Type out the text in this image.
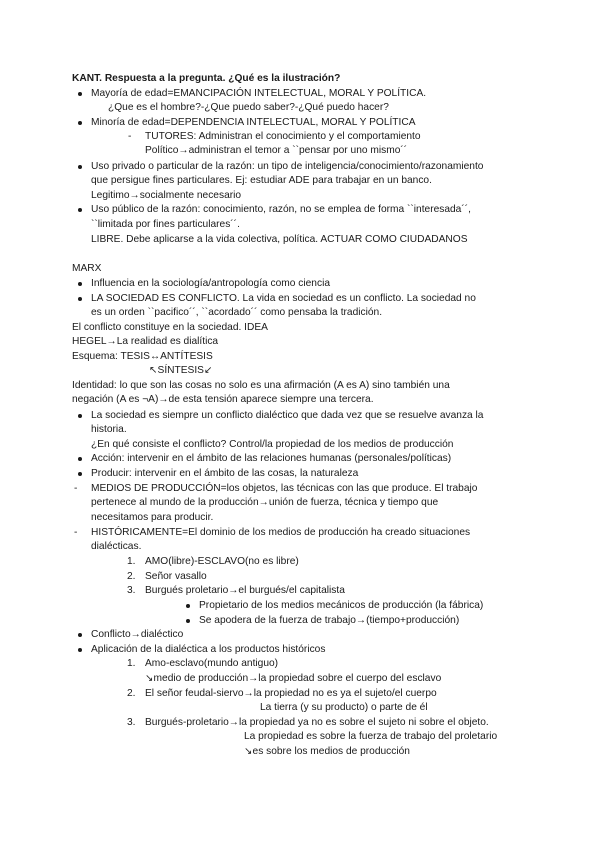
KANT. Respuesta a la pregunta. ¿Qué es la ilustración?
Mayoría de edad=EMANCIPACIÓN INTELECTUAL, MORAL Y POLÍTICA.
¿Que es el hombre?-¿Que puedo saber?-¿Qué puedo hacer?
Minoría de edad=DEPENDENCIA INTELECTUAL, MORAL Y POLÍTICA
- TUTORES: Administran el conocimiento y el comportamiento
Político→administran el temor a ``pensar por uno mismo´´
Uso privado o particular de la razón: un tipo de inteligencia/conocimiento/razonamiento
que persigue fines particulares. Ej: estudiar ADE para trabajar en un banco.
Legitimo→socialmente necesario
Uso público de la razón: conocimiento, razón, no se emplea de forma ``interesada´´,
``limitada por fines particulares´´.
LIBRE. Debe aplicarse a la vida colectiva, política. ACTUAR COMO CIUDADANOS
MARX
Influencia en la sociología/antropología como ciencia
LA SOCIEDAD ES CONFLICTO. La vida en sociedad es un conflicto. La sociedad no
es un orden ``pacifico´´, ``acordado´´ como pensaba la tradición.
El conflicto constituye en la sociedad. IDEA
HEGEL→La realidad es dialítica
Esquema: TESIS↔ANTÍTESIS
↖SÍNTESIS↙
Identidad: lo que son las cosas no solo es una afirmación (A es A) sino también una
negación (A es ¬A)→de esta tensión aparece siempre una tercera.
La sociedad es siempre un conflicto dialéctico que dada vez que se resuelve avanza la
historia.
¿En qué consiste el conflicto? Control/la propiedad de los medios de producción
Acción: intervenir en el ámbito de las relaciones humanas (personales/políticas)
Producir: intervenir en el ámbito de las cosas, la naturaleza
- MEDIOS DE PRODUCCIÓN=los objetos, las técnicas con las que produce. El trabajo
pertenece al mundo de la producción→unión de fuerza, técnica y tiempo que
necesitamos para producir.
- HISTÓRICAMENTE=El dominio de los medios de producción ha creado situaciones
dialécticas.
1. AMO(libre)-ESCLAVO(no es libre)
2. Señor vasallo
3. Burgués proletario→el burgués/el capitalista
Propietario de los medios mecánicos de producción (la fábrica)
Se apodera de la fuerza de trabajo→(tiempo+producción)
Conflicto→dialéctico
Aplicación de la dialéctica a los productos históricos
1. Amo-esclavo(mundo antiguo)
↘medio de producción→la propiedad sobre el cuerpo del esclavo
2. El señor feudal-siervo→la propiedad no es ya el sujeto/el cuerpo
La tierra (y su producto) o parte de él
3. Burgués-proletario→la propiedad ya no es sobre el sujeto ni sobre el objeto.
La propiedad es sobre la fuerza de trabajo del proletario
↘es sobre los medios de producción
